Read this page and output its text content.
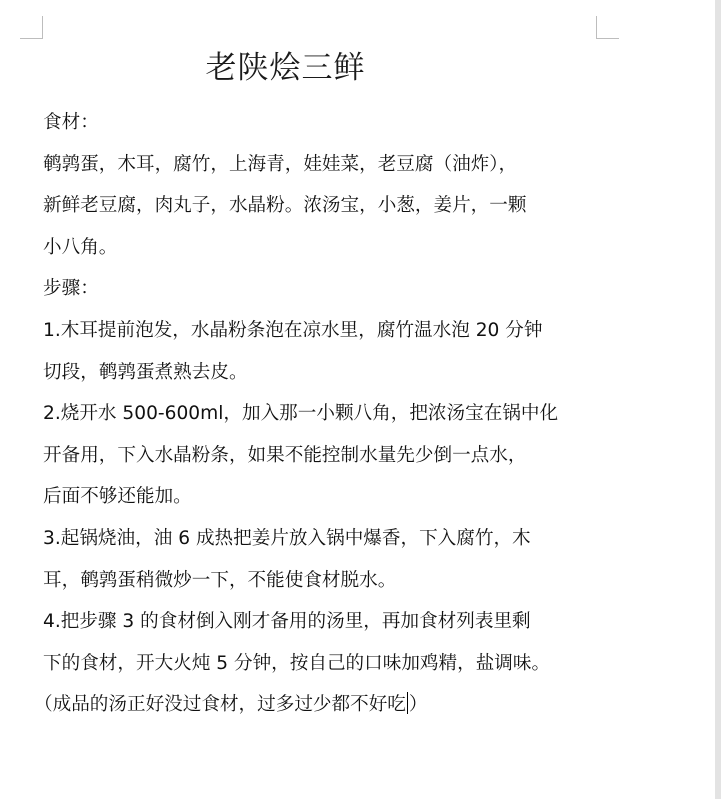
老陕烩三鲜

食材：

鹌鹑蛋，木耳，腐竹，上海青，娃娃菜，老豆腐（油炸），

新鲜老豆腐，肉丸子，水晶粉。浓汤宝，小葱，姜片，一颗

小八角。

步骤：

1.木耳提前泡发，水晶粉条泡在凉水里，腐竹温水泡 20 分钟

切段，鹌鹑蛋煮熟去皮。

2.烧开水 500-600ml，加入那一小颗八角，把浓汤宝在锅中化

开备用，下入水晶粉条，如果不能控制水量先少倒一点水，

后面不够还能加。

3.起锅烧油，油 6 成热把姜片放入锅中爆香，下入腐竹，木

耳，鹌鹑蛋稍微炒一下，不能使食材脱水。

4.把步骤 3 的食材倒入刚才备用的汤里，再加食材列表里剩

下的食材，开大火炖 5 分钟，按自己的口味加鸡精，盐调味。

（成品的汤正好没过食材，过多过少都不好吃 ）
